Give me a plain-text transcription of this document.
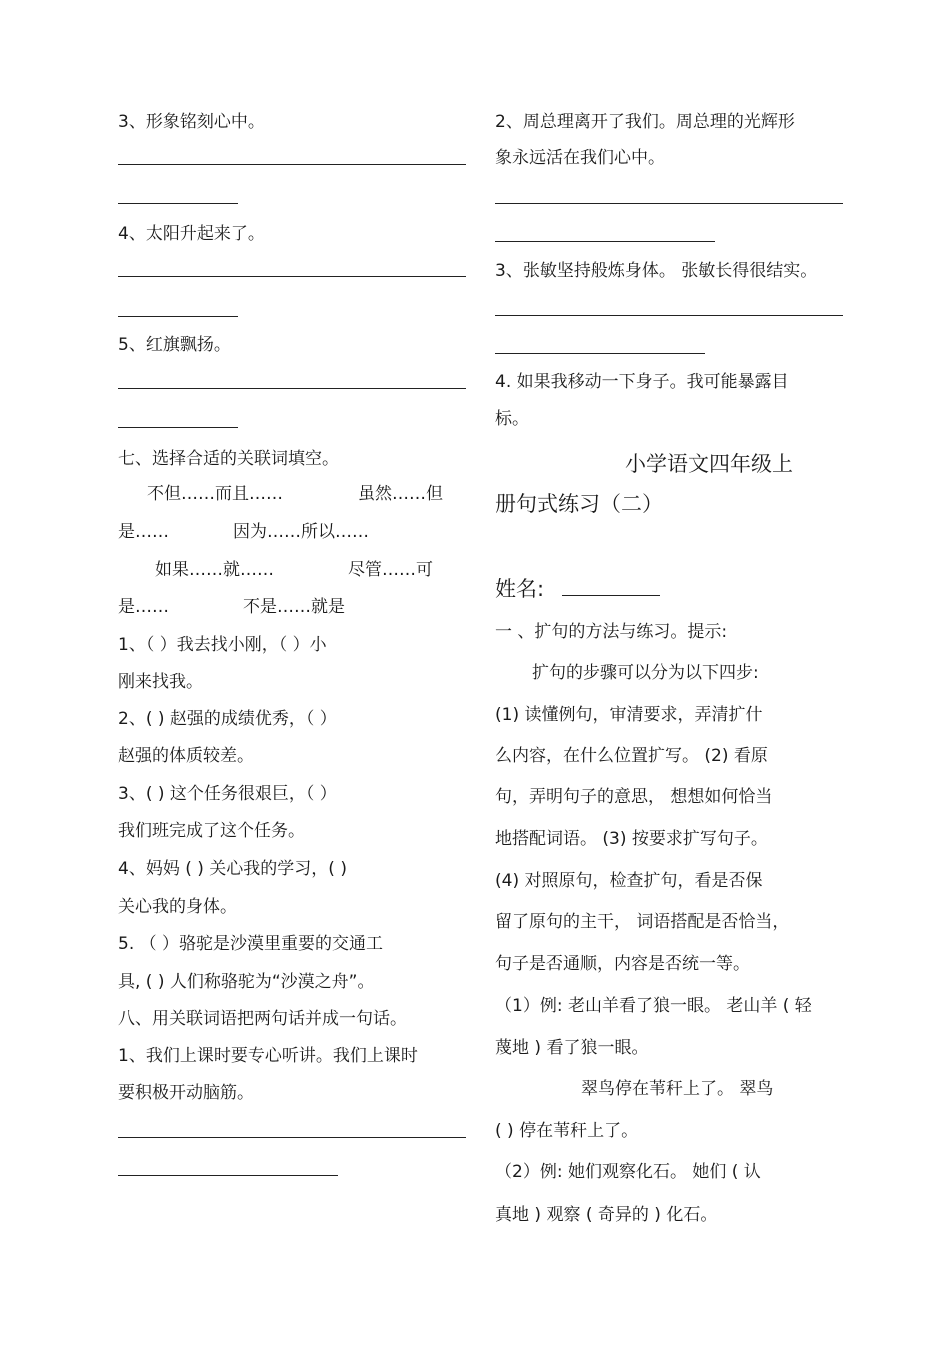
3、形象铭刻心中。
4、太阳升起来了。
5、红旗飘扬。
七、选择合适的关联词填空。
不但……而且……	虽然……但
是……	因为……所以……
如果……就……	尽管……可
是……	不是……就是
1、（ ）我去找小刚，（ ）小
刚来找我。
2、( ) 赵强的成绩优秀，（ ）
赵强的体质较差。
3、( ) 这个任务很艰巨，（ ）
我们班完成了这个任务。
4、妈妈 ( ) 关心我的学习，( )
关心我的身体。
5. （ ）骆驼是沙漠里重要的交通工
具, ( ) 人们称骆驼为“沙漠之舟”。
八、用关联词语把两句话并成一句话。
1、我们上课时要专心听讲。我们上课时
要积极开动脑筋。
2、周总理离开了我们。周总理的光辉形
象永远活在我们心中。
3、张敏坚持般炼身体。 张敏长得很结实。
4. 如果我移动一下身子。我可能暴露目
标。
小学语文四年级上
册句式练习（二）
姓名:
一 、扩句的方法与练习。提示:
扩句的步骤可以分为以下四步:
(1) 读懂例句，审清要求，弄清扩什
么内容，在什么位置扩写。 (2) 看原
句，弄明句子的意思， 想想如何恰当
地搭配词语。 (3) 按要求扩写句子。
(4) 对照原句，检查扩句，看是否保
留了原句的主干， 词语搭配是否恰当，
句子是否通顺，内容是否统一等。
（1）例: 老山羊看了狼一眼。 老山羊 ( 轻
蔑地 ) 看了狼一眼。
翠鸟停在苇秆上了。 翠鸟
( ) 停在苇秆上了。
（2）例: 她们观察化石。 她们 ( 认
真地 ) 观察 ( 奇异的 ) 化石。
